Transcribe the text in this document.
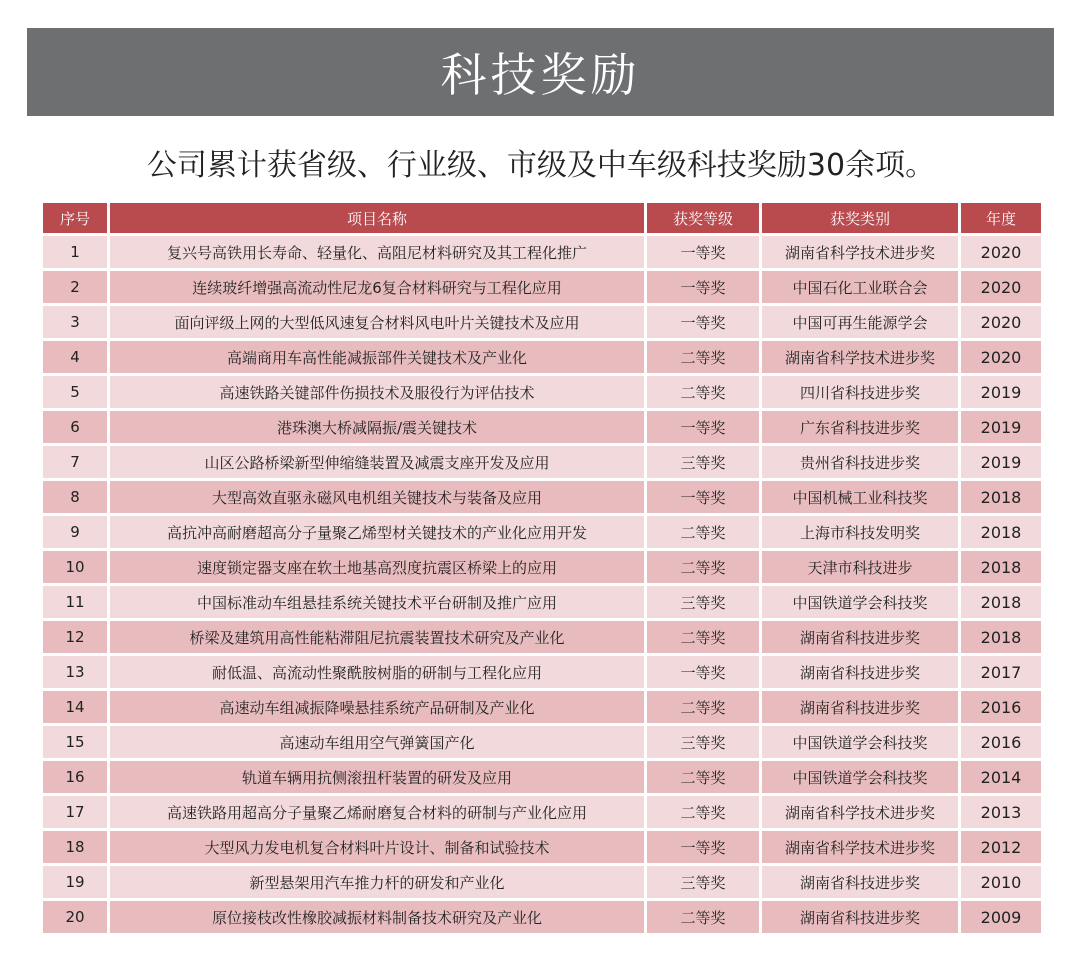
科技奖励
公司累计获省级、行业级、市级及中车级科技奖励30余项。
序号	项目名称	获奖等级	获奖类别	年度
1	复兴号高铁用长寿命、轻量化、高阻尼材料研究及其工程化推广	一等奖	湖南省科学技术进步奖	2020
2	连续玻纤增强高流动性尼龙6复合材料研究与工程化应用	一等奖	中国石化工业联合会	2020
3	面向评级上网的大型低风速复合材料风电叶片关键技术及应用	一等奖	中国可再生能源学会	2020
4	高端商用车高性能减振部件关键技术及产业化	二等奖	湖南省科学技术进步奖	2020
5	高速铁路关键部件伤损技术及服役行为评估技术	二等奖	四川省科技进步奖	2019
6	港珠澳大桥减隔振/震关键技术	一等奖	广东省科技进步奖	2019
7	山区公路桥梁新型伸缩缝装置及减震支座开发及应用	三等奖	贵州省科技进步奖	2019
8	大型高效直驱永磁风电机组关键技术与装备及应用	一等奖	中国机械工业科技奖	2018
9	高抗冲高耐磨超高分子量聚乙烯型材关键技术的产业化应用开发	二等奖	上海市科技发明奖	2018
10	速度锁定器支座在软土地基高烈度抗震区桥梁上的应用	二等奖	天津市科技进步	2018
11	中国标准动车组悬挂系统关键技术平台研制及推广应用	三等奖	中国铁道学会科技奖	2018
12	桥梁及建筑用高性能粘滞阻尼抗震装置技术研究及产业化	二等奖	湖南省科技进步奖	2018
13	耐低温、高流动性聚酰胺树脂的研制与工程化应用	一等奖	湖南省科技进步奖	2017
14	高速动车组减振降噪悬挂系统产品研制及产业化	二等奖	湖南省科技进步奖	2016
15	高速动车组用空气弹簧国产化	三等奖	中国铁道学会科技奖	2016
16	轨道车辆用抗侧滚扭杆装置的研发及应用	二等奖	中国铁道学会科技奖	2014
17	高速铁路用超高分子量聚乙烯耐磨复合材料的研制与产业化应用	二等奖	湖南省科学技术进步奖	2013
18	大型风力发电机复合材料叶片设计、制备和试验技术	一等奖	湖南省科学技术进步奖	2012
19	新型悬架用汽车推力杆的研发和产业化	三等奖	湖南省科技进步奖	2010
20	原位接枝改性橡胶减振材料制备技术研究及产业化	二等奖	湖南省科技进步奖	2009
